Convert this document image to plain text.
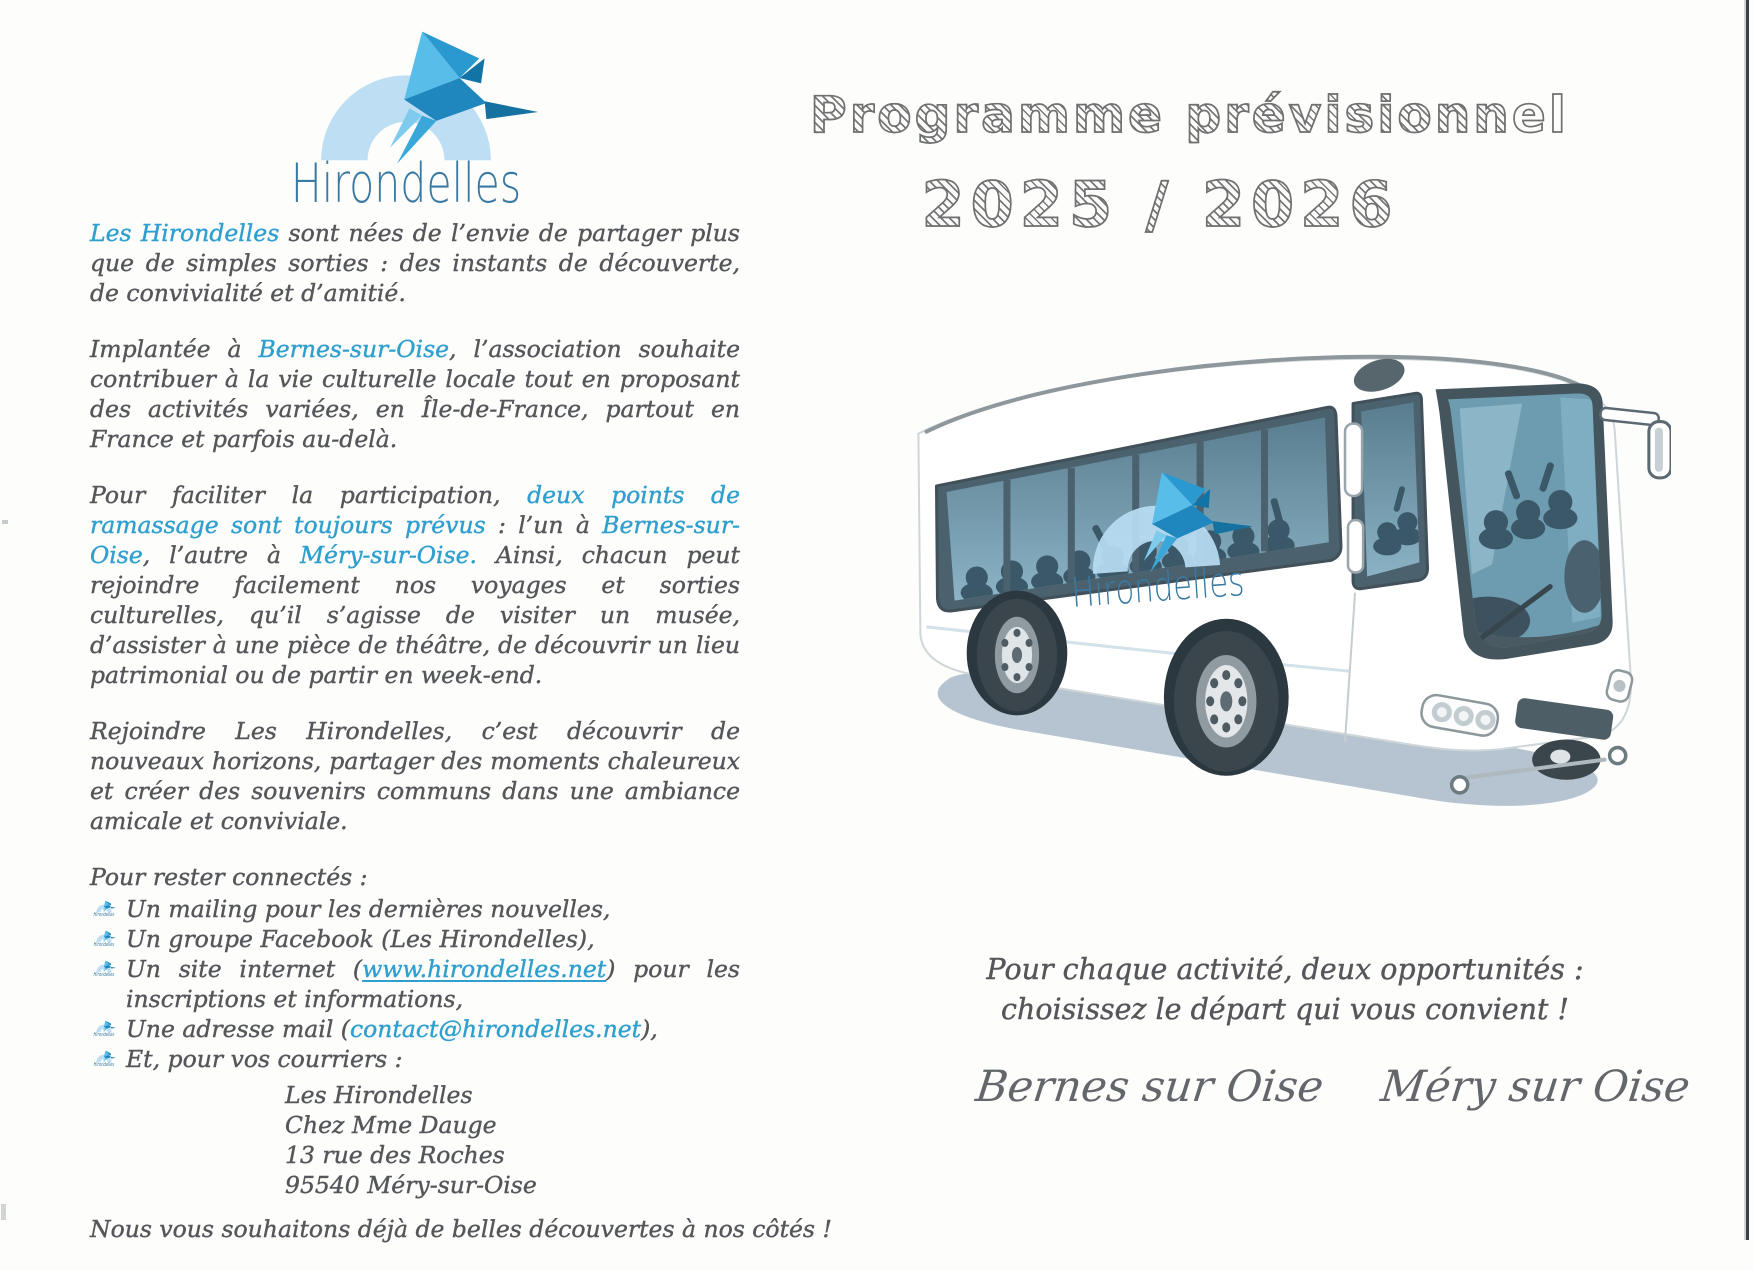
Les Hirondelles sont nées de l’envie de partager plus que de simples sorties : des instants de découverte, de convivialité et d’amitié.

Implantée à Bernes-sur-Oise, l’association souhaite contribuer à la vie culturelle locale tout en proposant des activités variées, en Île-de-France, partout en France et parfois au-delà.

Pour faciliter la participation, deux points de ramassage sont toujours prévus : l’un à Bernes-sur-Oise, l’autre à Méry-sur-Oise. Ainsi, chacun peut rejoindre facilement nos voyages et sorties culturelles, qu’il s’agisse de visiter un musée, d’assister à une pièce de théâtre, de découvrir un lieu patrimonial ou de partir en week-end.

Rejoindre Les Hirondelles, c’est découvrir de nouveaux horizons, partager des moments chaleureux et créer des souvenirs communs dans une ambiance amicale et conviviale.

Pour rester connectés :

Un mailing pour les dernières nouvelles,
Un groupe Facebook (Les Hirondelles),
Un site internet (www.hirondelles.net) pour les inscriptions et informations,
Une adresse mail (contact@hirondelles.net),
Et, pour vos courriers :
Les Hirondelles
Chez Mme Dauge
13 rue des Roches
95540 Méry-sur-Oise

Nous vous souhaitons déjà de belles découvertes à nos côtés !

Programme prévisionnel
2025 / 2026
Pour chaque activité, deux opportunités :
choisissez le départ qui vous convient !
Bernes sur Oise Méry sur Oise
